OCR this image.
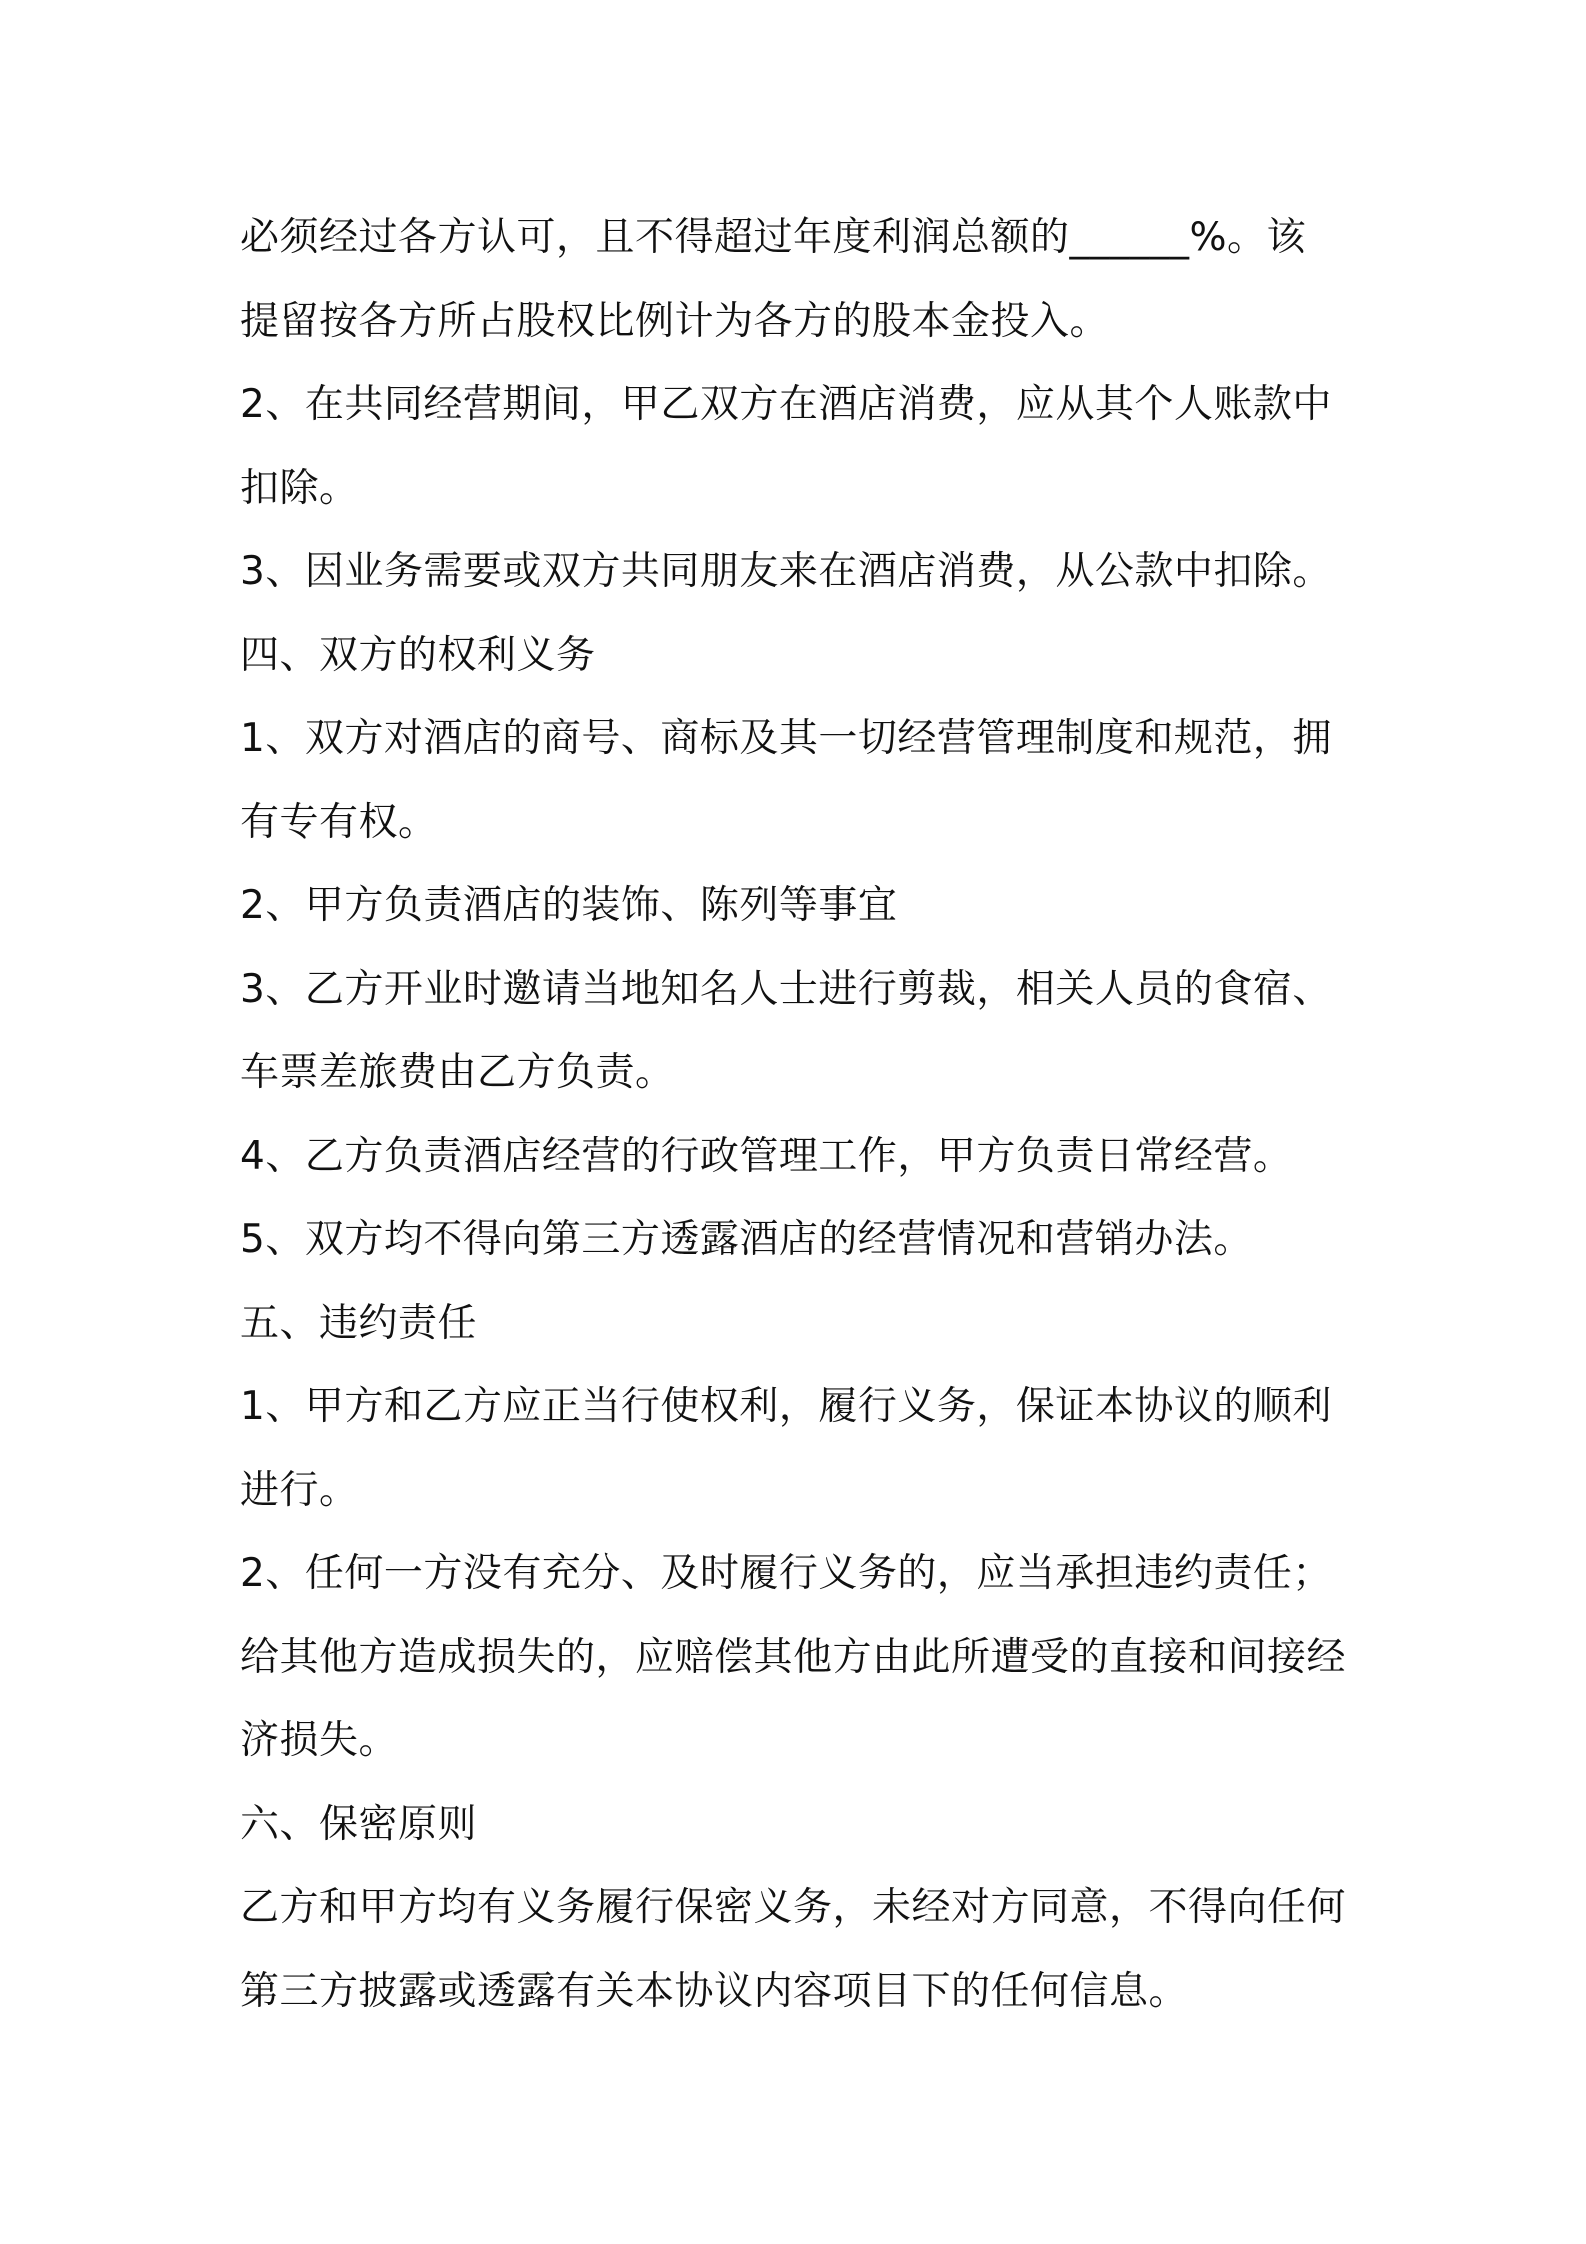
必须经过各方认可，且不得超过年度利润总额的______%。该
提留按各方所占股权比例计为各方的股本金投入。
2、在共同经营期间，甲乙双方在酒店消费，应从其个人账款中
扣除。
3、因业务需要或双方共同朋友来在酒店消费，从公款中扣除。
四、双方的权利义务
1、双方对酒店的商号、商标及其一切经营管理制度和规范，拥
有专有权。
2、甲方负责酒店的装饰、陈列等事宜
3、乙方开业时邀请当地知名人士进行剪裁，相关人员的食宿、
车票差旅费由乙方负责。
4、乙方负责酒店经营的行政管理工作，甲方负责日常经营。
5、双方均不得向第三方透露酒店的经营情况和营销办法。
五、违约责任
1、甲方和乙方应正当行使权利，履行义务，保证本协议的顺利
进行。
2、任何一方没有充分、及时履行义务的，应当承担违约责任；
给其他方造成损失的，应赔偿其他方由此所遭受的直接和间接经
济损失。
六、保密原则
乙方和甲方均有义务履行保密义务，未经对方同意，不得向任何
第三方披露或透露有关本协议内容项目下的任何信息。
